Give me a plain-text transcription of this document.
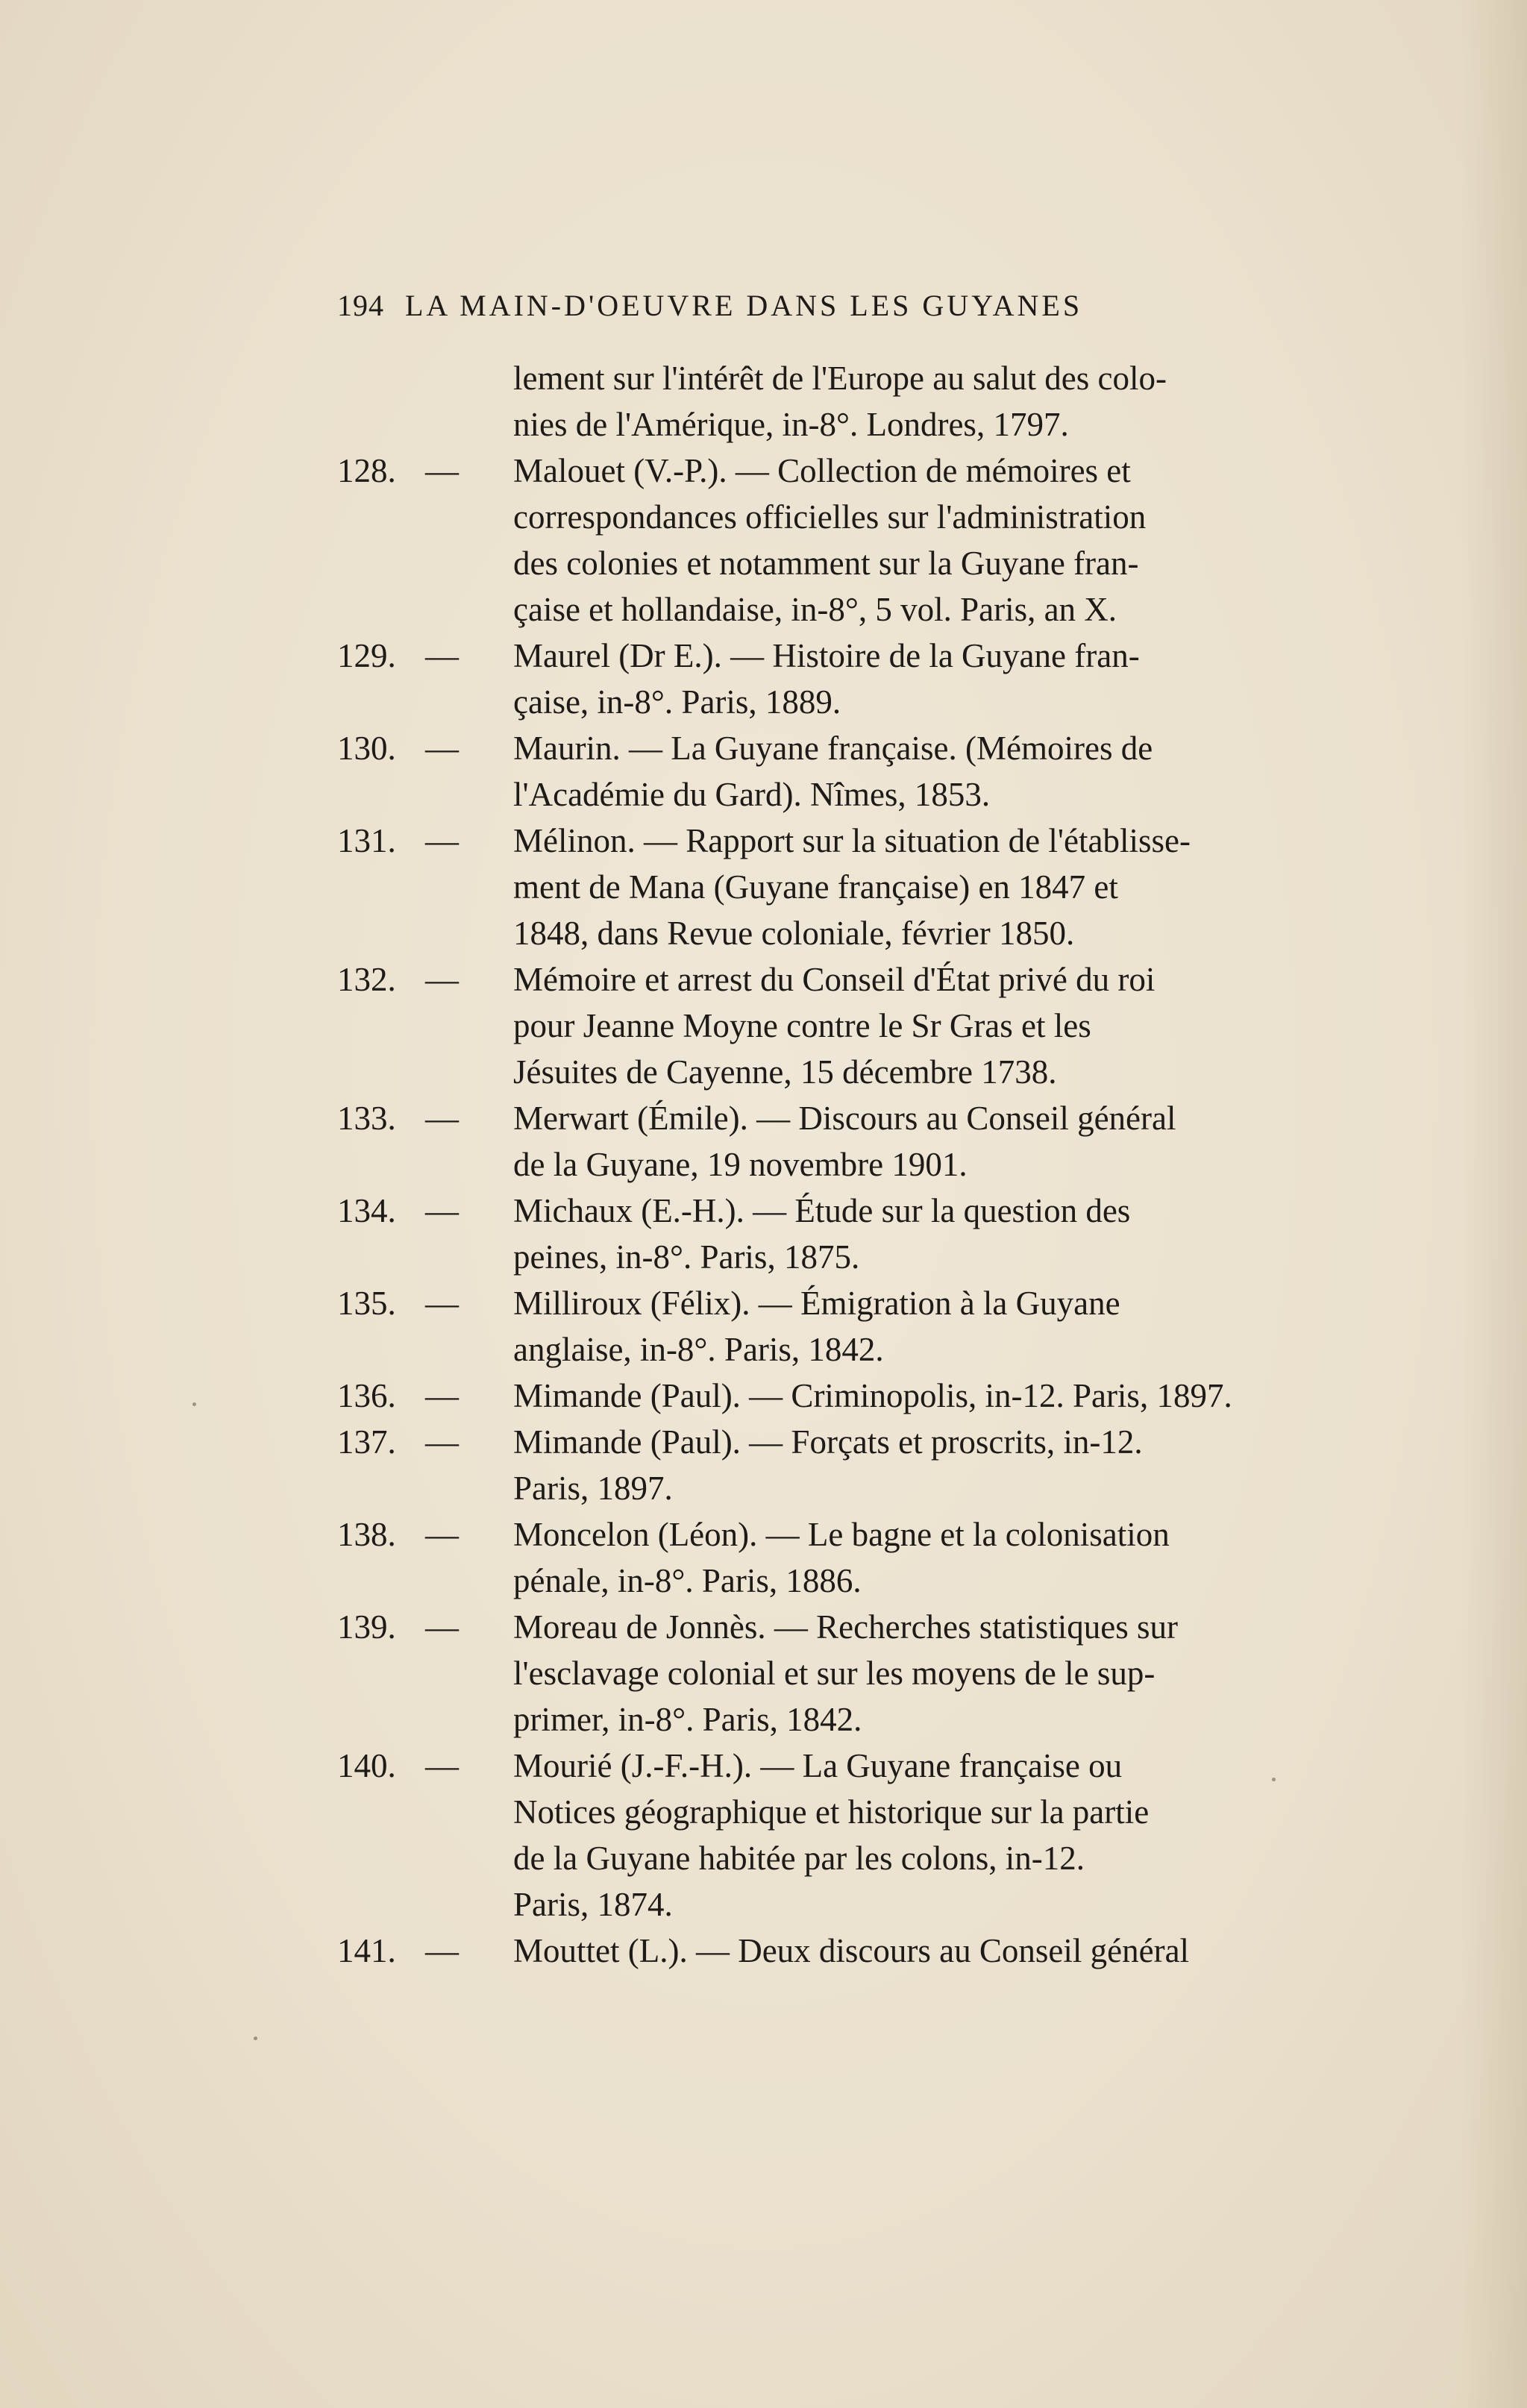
194 LA MAIN-D'OEUVRE DANS LES GUYANES
lement sur l'intérêt de l'Europe au salut des colo-
nies de l'Amérique, in-8°. Londres, 1797.
128. — Malouet (V.-P.). — Collection de mémoires et
correspondances officielles sur l'administration
des colonies et notamment sur la Guyane fran-
çaise et hollandaise, in-8°, 5 vol. Paris, an X.
129. — Maurel (Dr E.). — Histoire de la Guyane fran-
çaise, in-8°. Paris, 1889.
130. — Maurin. — La Guyane française. (Mémoires de
l'Académie du Gard). Nîmes, 1853.
131. — Mélinon. — Rapport sur la situation de l'établisse-
ment de Mana (Guyane française) en 1847 et
1848, dans Revue coloniale, février 1850.
132. — Mémoire et arrest du Conseil d'État privé du roi
pour Jeanne Moyne contre le Sr Gras et les
Jésuites de Cayenne, 15 décembre 1738.
133. — Merwart (Émile). — Discours au Conseil général
de la Guyane, 19 novembre 1901.
134. — Michaux (E.-H.). — Étude sur la question des
peines, in-8°. Paris, 1875.
135. — Milliroux (Félix). — Émigration à la Guyane
anglaise, in-8°. Paris, 1842.
136. — Mimande (Paul). — Criminopolis, in-12. Paris, 1897.
137. — Mimande (Paul). — Forçats et proscrits, in-12.
Paris, 1897.
138. — Moncelon (Léon). — Le bagne et la colonisation
pénale, in-8°. Paris, 1886.
139. — Moreau de Jonnès. — Recherches statistiques sur
l'esclavage colonial et sur les moyens de le sup-
primer, in-8°. Paris, 1842.
140. — Mourié (J.-F.-H.). — La Guyane française ou
Notices géographique et historique sur la partie
de la Guyane habitée par les colons, in-12.
Paris, 1874.
141. — Mouttet (L.). — Deux discours au Conseil général
